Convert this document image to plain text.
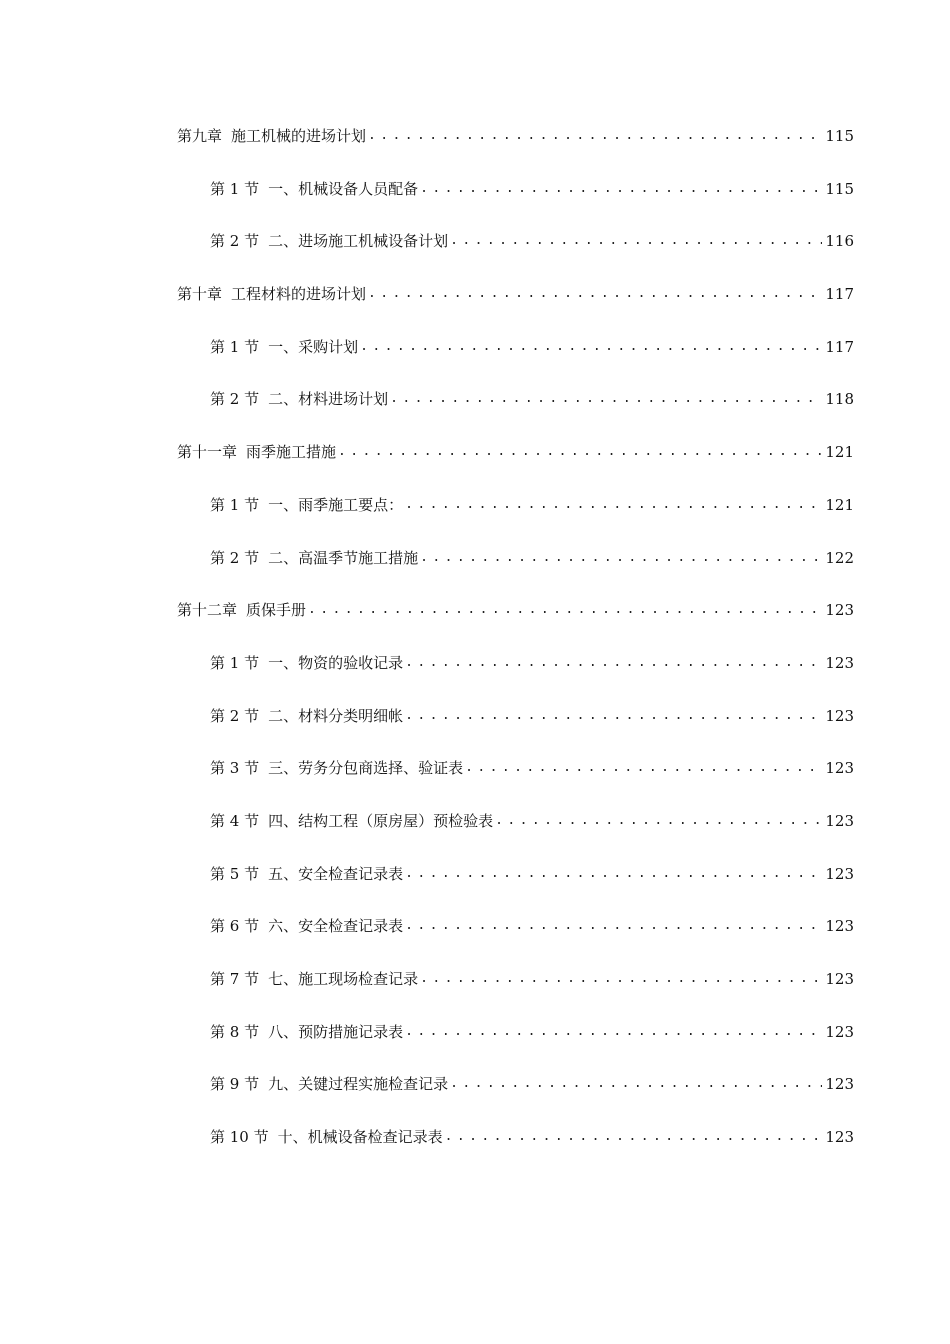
第九章 施工机械的进场计划 . . .	115
第 1 节 一、机械设备人员配备 . . .	115
第 2 节 二、进场施工机械设备计划 . . .	116
第十章 工程材料的进场计划 . . .	117
第 1 节 一、采购计划 . . .	117
第 2 节 二、材料进场计划 . . .	118
第十一章 雨季施工措施 . . .	121
第 1 节 一、雨季施工要点： . . .	121
第 2 节 二、高温季节施工措施 . . .	122
第十二章 质保手册 . . .	123
第 1 节 一、物资的验收记录 . . .	123
第 2 节 二、材料分类明细帐 . . .	123
第 3 节 三、劳务分包商选择、验证表 . . .	123
第 4 节 四、结构工程（原房屋）预检验表 . . .	123
第 5 节 五、安全检查记录表 . . .	123
第 6 节 六、安全检查记录表 . . .	123
第 7 节 七、施工现场检查记录 . . .	123
第 8 节 八、预防措施记录表 . . .	123
第 9 节 九、关键过程实施检查记录 . . .	123
第 10 节 十、机械设备检查记录表 . . .	123
